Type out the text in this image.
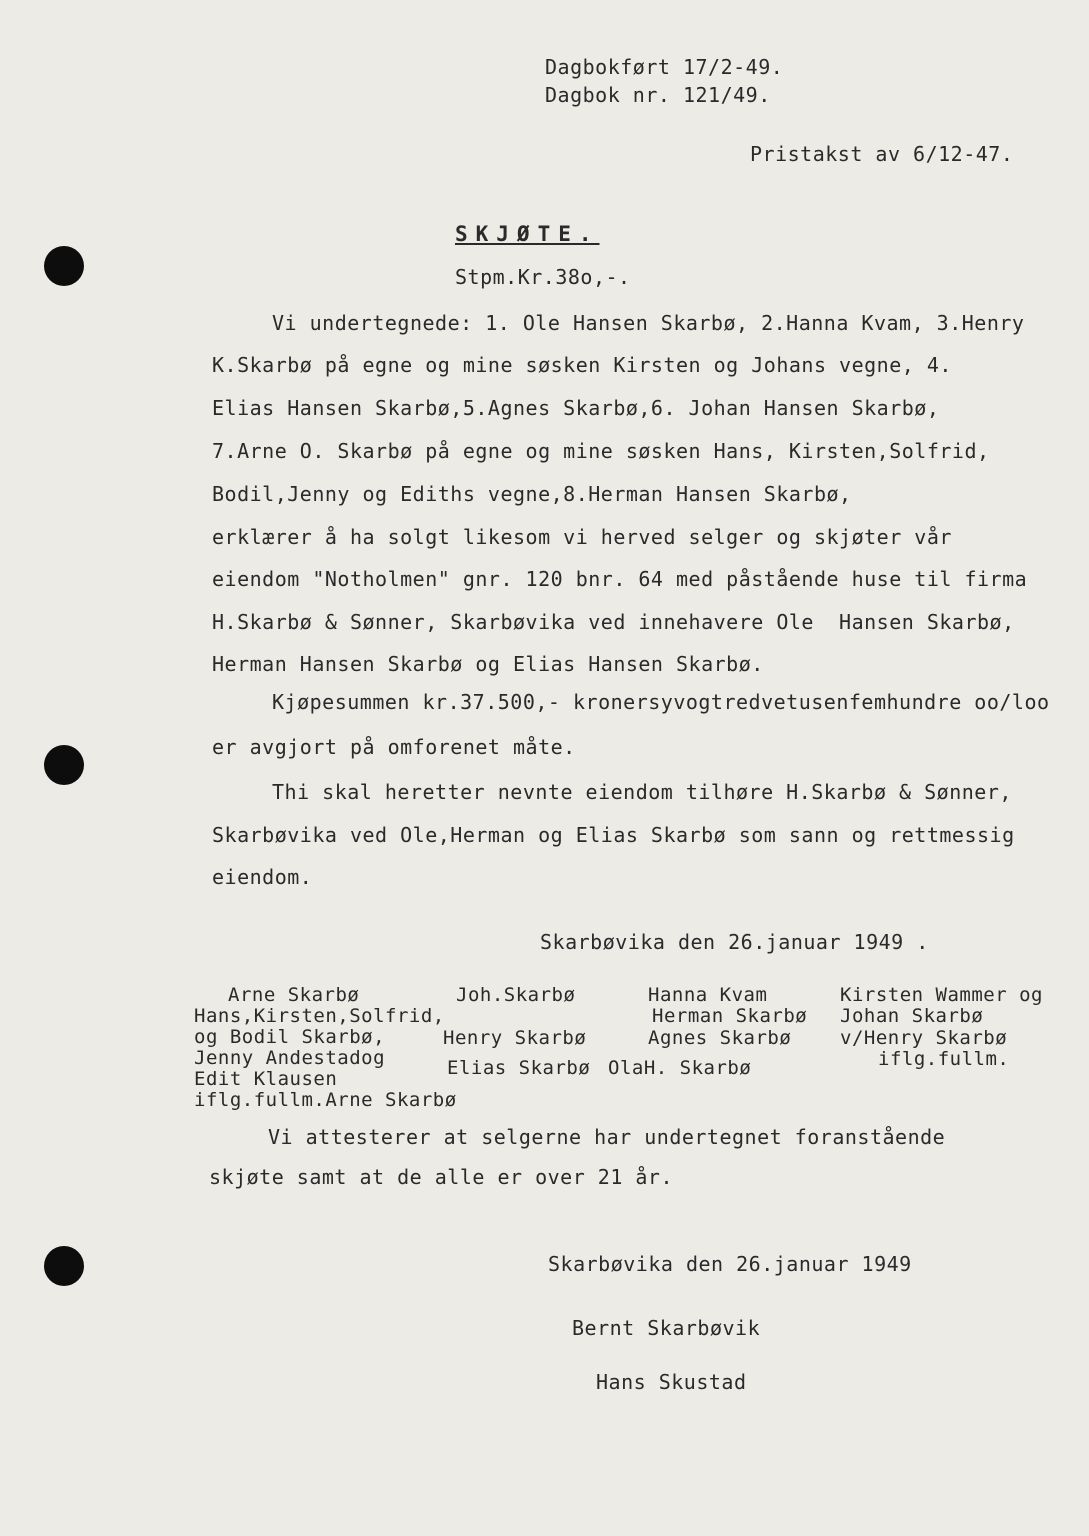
Dagbokført 17/2-49.
Dagbok nr. 121/49.
Pristakst av 6/12-47.
SKJØTE.
Stpm.Kr.38o,-.
Vi undertegnede: 1. Ole Hansen Skarbø, 2.Hanna Kvam, 3.Henry
K.Skarbø på egne og mine søsken Kirsten og Johans vegne, 4.
Elias Hansen Skarbø,5.Agnes Skarbø,6. Johan Hansen Skarbø,
7.Arne O. Skarbø på egne og mine søsken Hans, Kirsten,Solfrid,
Bodil,Jenny og Ediths vegne,8.Herman Hansen Skarbø,
erklærer å ha solgt likesom vi herved selger og skjøter vår
eiendom "Notholmen" gnr. 120 bnr. 64 med påstående huse til firma
H.Skarbø & Sønner, Skarbøvika ved innehavere Ole  Hansen Skarbø,
Herman Hansen Skarbø og Elias Hansen Skarbø.
Kjøpesummen kr.37.500,- kronersyvogtredvetusenfemhundre oo/loo
er avgjort på omforenet måte.
Thi skal heretter nevnte eiendom tilhøre H.Skarbø & Sønner,
Skarbøvika ved Ole,Herman og Elias Skarbø som sann og rettmessig
eiendom.
Skarbøvika den 26.januar 1949 .
Arne Skarbø
Hans,Kirsten,Solfrid,
og Bodil Skarbø,
Jenny Andestadog
Edit Klausen
iflg.fullm.Arne Skarbø
Joh.Skarbø
Henry Skarbø
Elias Skarbø
Hanna Kvam
Herman Skarbø
Agnes Skarbø
OlaH. Skarbø
Kirsten Wammer og
Johan Skarbø
v/Henry Skarbø
iflg.fullm.
Vi attesterer at selgerne har undertegnet foranstående
skjøte samt at de alle er over 21 år.
Skarbøvika den 26.januar 1949
Bernt Skarbøvik
Hans Skustad
